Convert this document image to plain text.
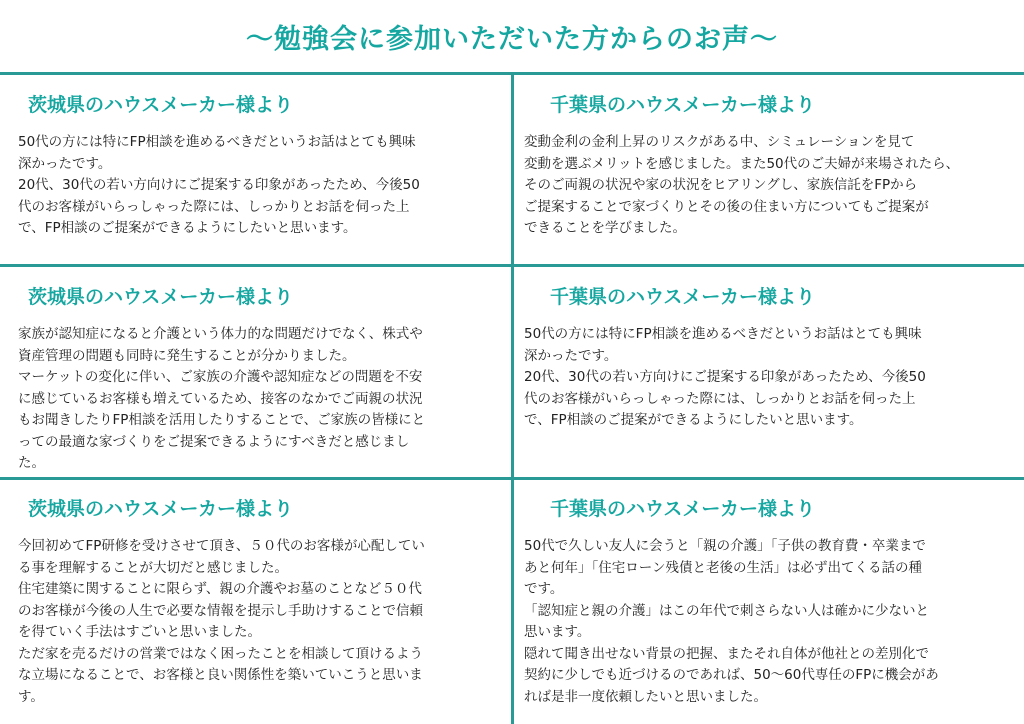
～勉強会に参加いただいた方からのお声～
茨城県のハウスメーカー様より
50代の方には特にFP相談を進めるべきだというお話はとても興味
深かったです。
20代、30代の若い方向けにご提案する印象があったため、今後50
代のお客様がいらっしゃった際には、しっかりとお話を伺った上
で、FP相談のご提案ができるようにしたいと思います。
千葉県のハウスメーカー様より
変動金利の金利上昇のリスクがある中、シミュレーションを見て
変動を選ぶメリットを感じました。また50代のご夫婦が来場されたら、
そのご両親の状況や家の状況をヒアリングし、家族信託をFPから
ご提案することで家づくりとその後の住まい方についてもご提案が
できることを学びました。
茨城県のハウスメーカー様より
家族が認知症になると介護という体力的な問題だけでなく、株式や
資産管理の問題も同時に発生することが分かりました。
マーケットの変化に伴い、ご家族の介護や認知症などの問題を不安
に感じているお客様も増えているため、接客のなかでご両親の状況
もお聞きしたりFP相談を活用したりすることで、ご家族の皆様にと
っての最適な家づくりをご提案できるようにすべきだと感じまし
た。
千葉県のハウスメーカー様より
50代の方には特にFP相談を進めるべきだというお話はとても興味
深かったです。
20代、30代の若い方向けにご提案する印象があったため、今後50
代のお客様がいらっしゃった際には、しっかりとお話を伺った上
で、FP相談のご提案ができるようにしたいと思います。
茨城県のハウスメーカー様より
今回初めてFP研修を受けさせて頂き、５０代のお客様が心配してい
る事を理解することが大切だと感じました。
住宅建築に関することに限らず、親の介護やお墓のことなど５０代
のお客様が今後の人生で必要な情報を提示し手助けすることで信頼
を得ていく手法はすごいと思いました。
ただ家を売るだけの営業ではなく困ったことを相談して頂けるよう
な立場になることで、お客様と良い関係性を築いていこうと思いま
す。
千葉県のハウスメーカー様より
50代で久しい友人に会うと「親の介護」「子供の教育費・卒業まで
あと何年」「住宅ローン残債と老後の生活」は必ず出てくる話の種
です。
「認知症と親の介護」はこの年代で刺さらない人は確かに少ないと
思います。
隠れて聞き出せない背景の把握、またそれ自体が他社との差別化で
契約に少しでも近づけるのであれば、50〜60代専任のFPに機会があ
れば是非一度依頼したいと思いました。
